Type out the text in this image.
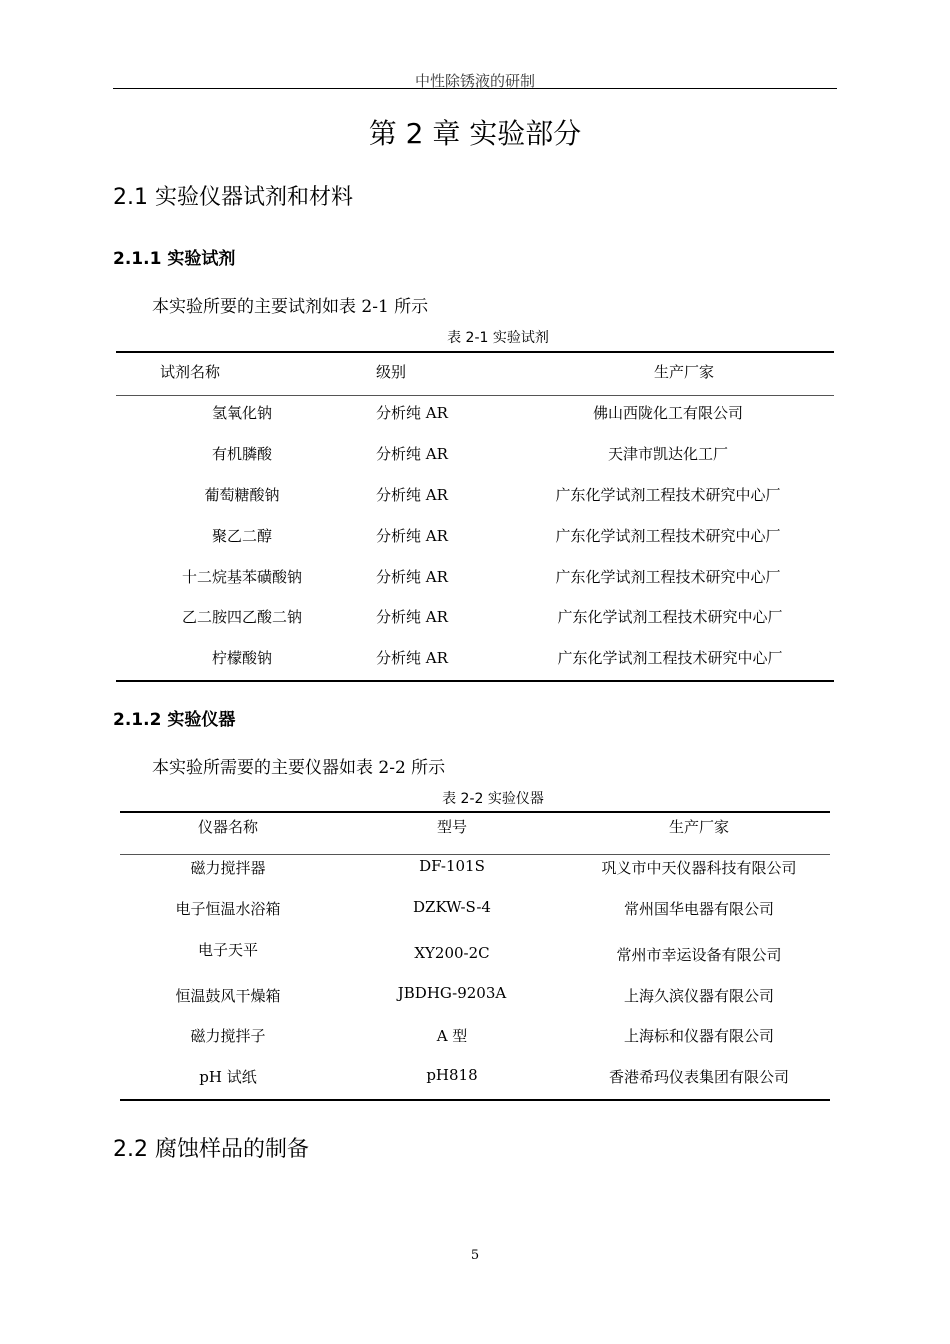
中性除锈液的研制
第 2 章 实验部分
2.1 实验仪器试剂和材料
2.1.1 实验试剂
本实验所要的主要试剂如表 2-1 所示
表 2-1 实验试剂
试剂名称	级别	生产厂家
氢氧化钠	分析纯 AR	佛山西陇化工有限公司
有机膦酸	分析纯 AR	天津市凯达化工厂
葡萄糖酸钠	分析纯 AR	广东化学试剂工程技术研究中心厂
聚乙二醇	分析纯 AR	广东化学试剂工程技术研究中心厂
十二烷基苯磺酸钠	分析纯 AR	广东化学试剂工程技术研究中心厂
乙二胺四乙酸二钠	分析纯 AR	广东化学试剂工程技术研究中心厂
柠檬酸钠	分析纯 AR	广东化学试剂工程技术研究中心厂
2.1.2 实验仪器
本实验所需要的主要仪器如表 2-2 所示
表 2-2 实验仪器
仪器名称	型号	生产厂家
磁力搅拌器	DF-101S	巩义市中天仪器科技有限公司
电子恒温水浴箱	DZKW-S-4	常州国华电器有限公司
电子天平	XY200-2C	常州市幸运设备有限公司
恒温鼓风干燥箱	JBDHG-9203A	上海久滨仪器有限公司
磁力搅拌子	A 型	上海标和仪器有限公司
pH 试纸	pH818	香港希玛仪表集团有限公司
2.2 腐蚀样品的制备
5
